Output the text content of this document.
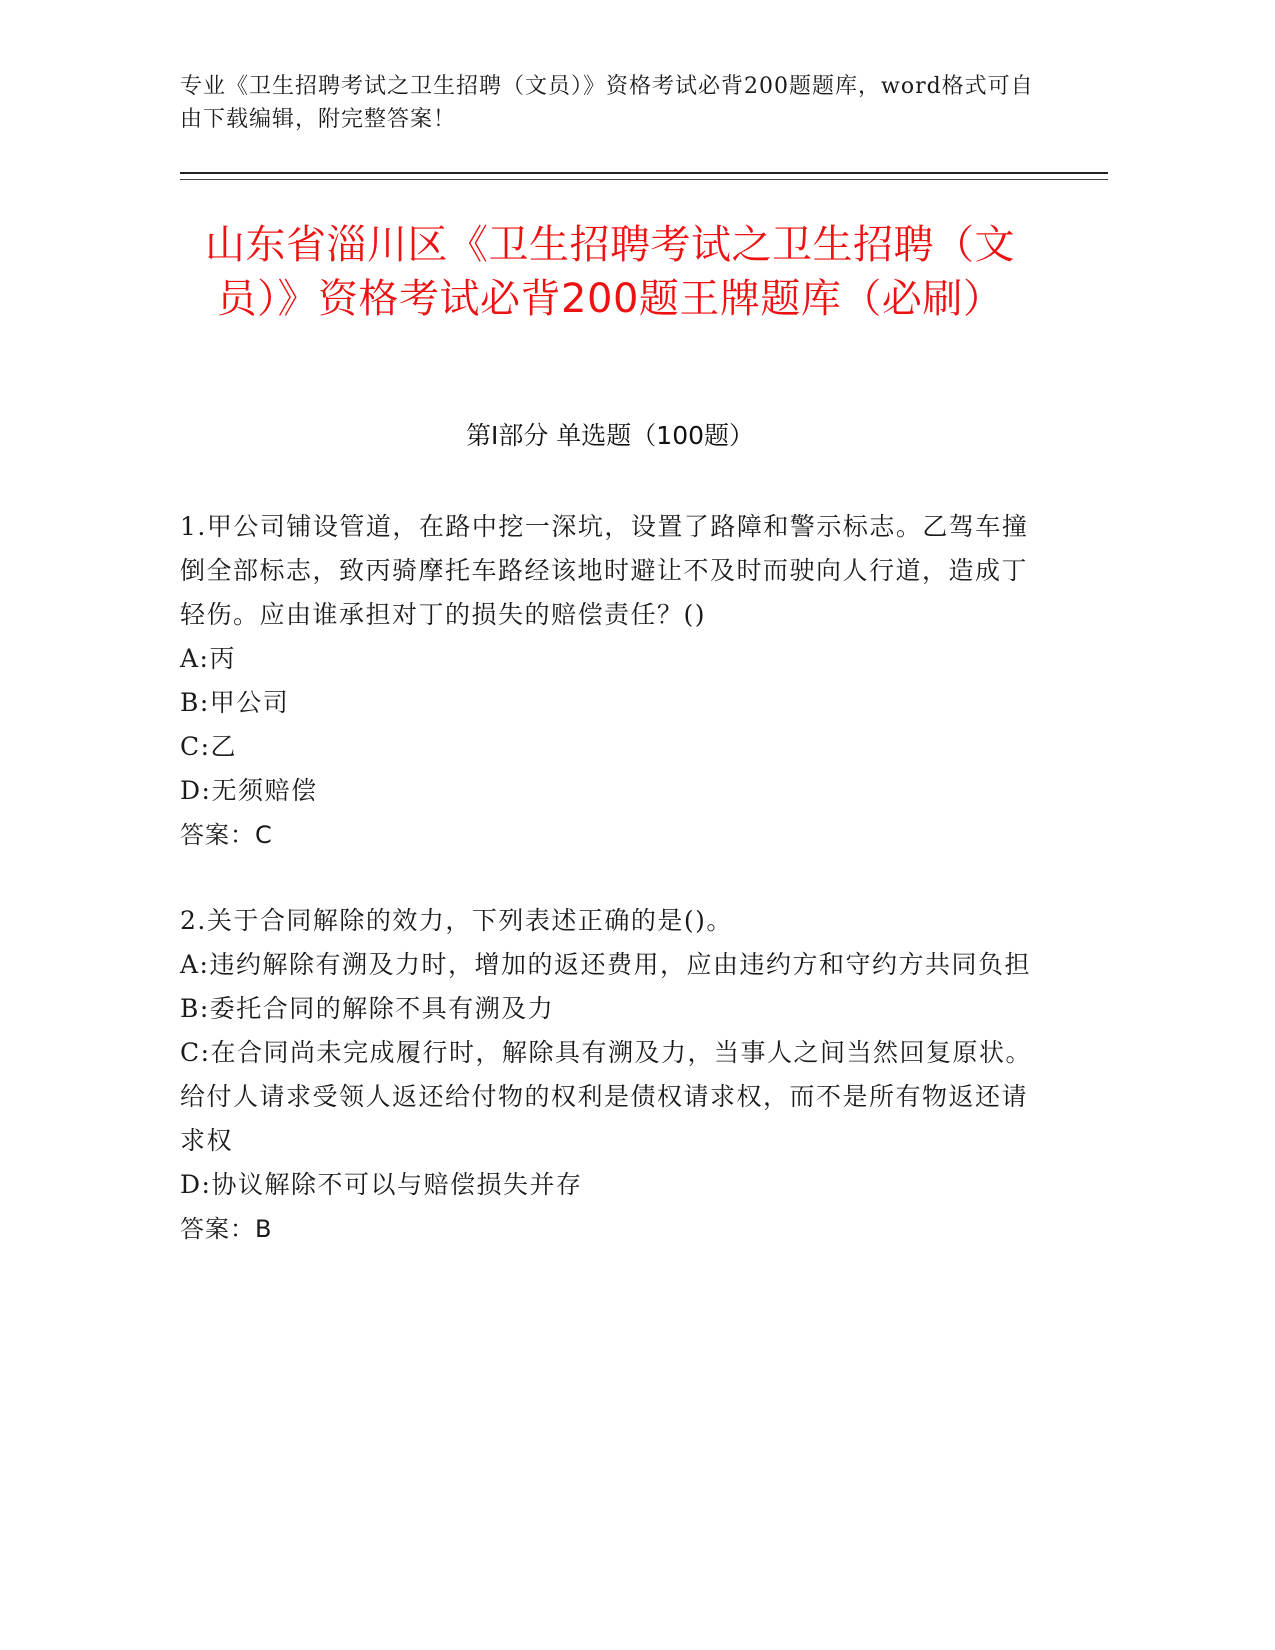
专业《卫生招聘考试之卫生招聘（文员）》资格考试必背200题题库，word格式可自由下载编辑，附完整答案！
山东省淄川区《卫生招聘考试之卫生招聘（文员）》资格考试必背200题王牌题库（必刷）
第Ⅰ部分 单选题（100题）

1.甲公司铺设管道，在路中挖一深坑，设置了路障和警示标志。乙驾车撞倒全部标志，致丙骑摩托车路经该地时避让不及时而驶向人行道，造成丁轻伤。应由谁承担对丁的损失的赔偿责任？()

A:丙

B:甲公司

C:乙

D:无须赔偿

答案：C

2.关于合同解除的效力，下列表述正确的是()。

A:违约解除有溯及力时，增加的返还费用，应由违约方和守约方共同负担

B:委托合同的解除不具有溯及力

C:在合同尚未完成履行时，解除具有溯及力，当事人之间当然回复原状。给付人请求受领人返还给付物的权利是债权请求权，而不是所有物返还请求权

D:协议解除不可以与赔偿损失并存

答案：B
